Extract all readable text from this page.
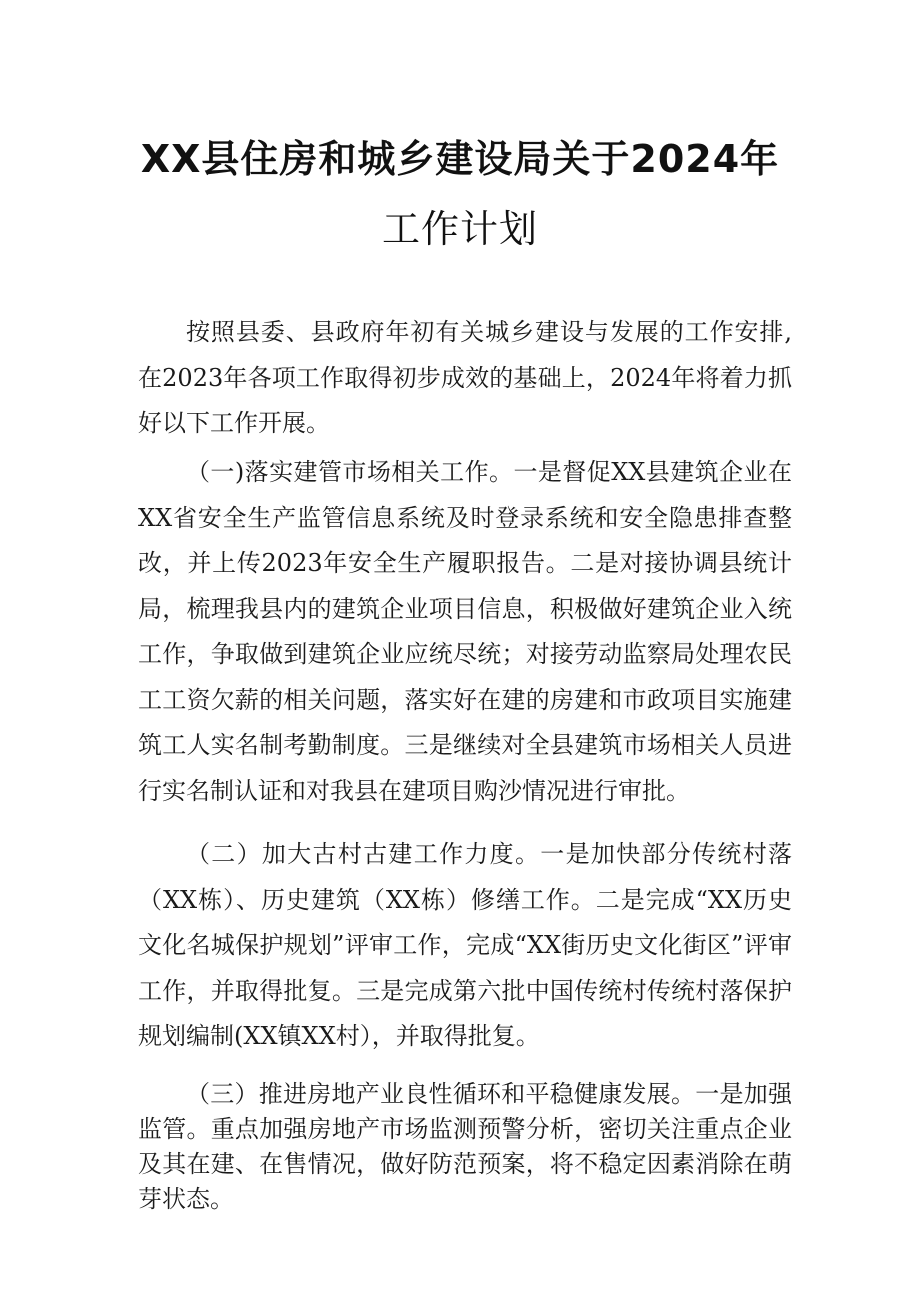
XX县住房和城乡建设局关于2024年
工作计划

按照县委、县政府年初有关城乡建设与发展的工作安排,在2023年各项工作取得初步成效的基础上，2024年将着力抓好以下工作开展。

（一)落实建管市场相关工作。一是督促XX县建筑企业在XX省安全生产监管信息系统及时登录系统和安全隐患排查整改，并上传2023年安全生产履职报告。二是对接协调县统计局，梳理我县内的建筑企业项目信息，积极做好建筑企业入统工作，争取做到建筑企业应统尽统；对接劳动监察局处理农民工工资欠薪的相关问题，落实好在建的房建和市政项目实施建筑工人实名制考勤制度。三是继续对全县建筑市场相关人员进行实名制认证和对我县在建项目购沙情况进行审批。

（二）加大古村古建工作力度。一是加快部分传统村落（XX栋）、历史建筑（XX栋）修缮工作。二是完成“XX历史文化名城保护规划”评审工作，完成“XX街历史文化街区”评审工作，并取得批复。三是完成第六批中国传统村传统村落保护规划编制(XX镇XX村），并取得批复。

（三）推进房地产业良性循环和平稳健康发展。一是加强监管。重点加强房地产市场监测预警分析，密切关注重点企业及其在建、在售情况，做好防范预案，将不稳定因素消除在萌芽状态。
